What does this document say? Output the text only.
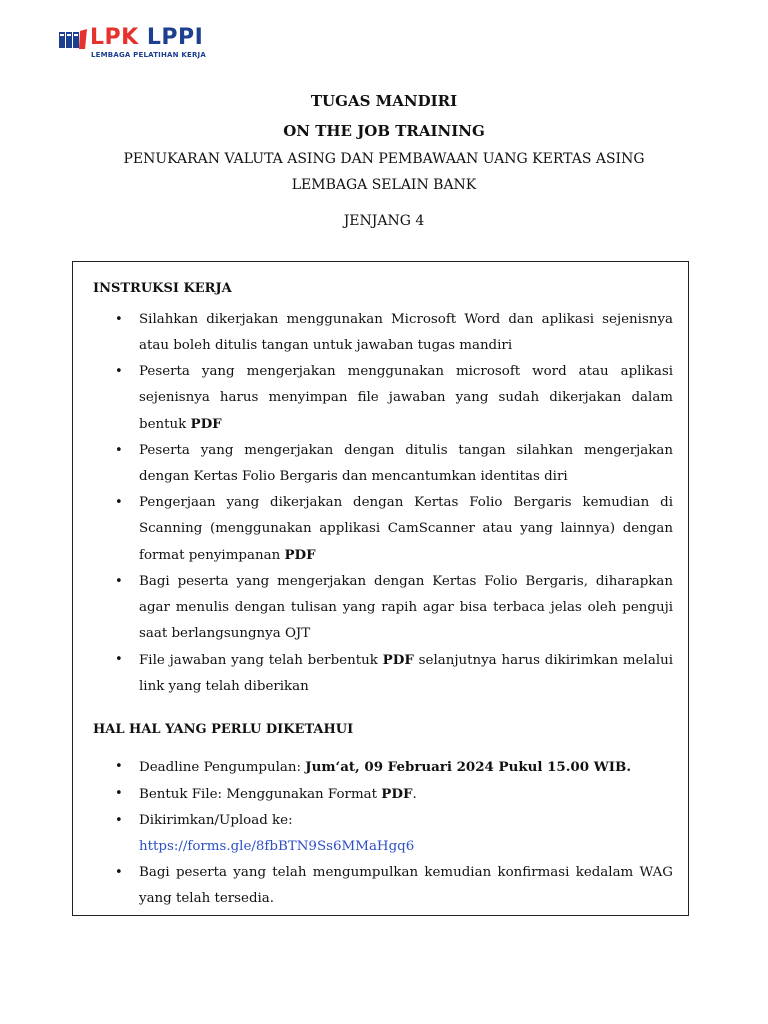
LPK LPPI
LEMBAGA PELATIHAN KERJA
TUGAS MANDIRI
ON THE JOB TRAINING
PENUKARAN VALUTA ASING DAN PEMBAWAAN UANG KERTAS ASING
LEMBAGA SELAIN BANK
JENJANG 4
INSTRUKSI KERJA
• Silahkan dikerjakan menggunakan Microsoft Word dan aplikasi sejenisnya atau boleh ditulis tangan untuk jawaban tugas mandiri
• Peserta yang mengerjakan menggunakan microsoft word atau aplikasi sejenisnya harus menyimpan file jawaban yang sudah dikerjakan dalam bentuk PDF
• Peserta yang mengerjakan dengan ditulis tangan silahkan mengerjakan dengan Kertas Folio Bergaris dan mencantumkan identitas diri
• Pengerjaan yang dikerjakan dengan Kertas Folio Bergaris kemudian di Scanning (menggunakan applikasi CamScanner atau yang lainnya) dengan format penyimpanan PDF
• Bagi peserta yang mengerjakan dengan Kertas Folio Bergaris, diharapkan agar menulis dengan tulisan yang rapih agar bisa terbaca jelas oleh penguji saat berlangsungnya OJT
• File jawaban yang telah berbentuk PDF selanjutnya harus dikirimkan melalui link yang telah diberikan
HAL HAL YANG PERLU DIKETAHUI
• Deadline Pengumpulan: Jum‘at, 09 Februari 2024 Pukul 15.00 WIB.
• Bentuk File: Menggunakan Format PDF.
• Dikirimkan/Upload ke:
https://forms.gle/8fbBTN9Ss6MMaHgq6
• Bagi peserta yang telah mengumpulkan kemudian konfirmasi kedalam WAG yang telah tersedia.
